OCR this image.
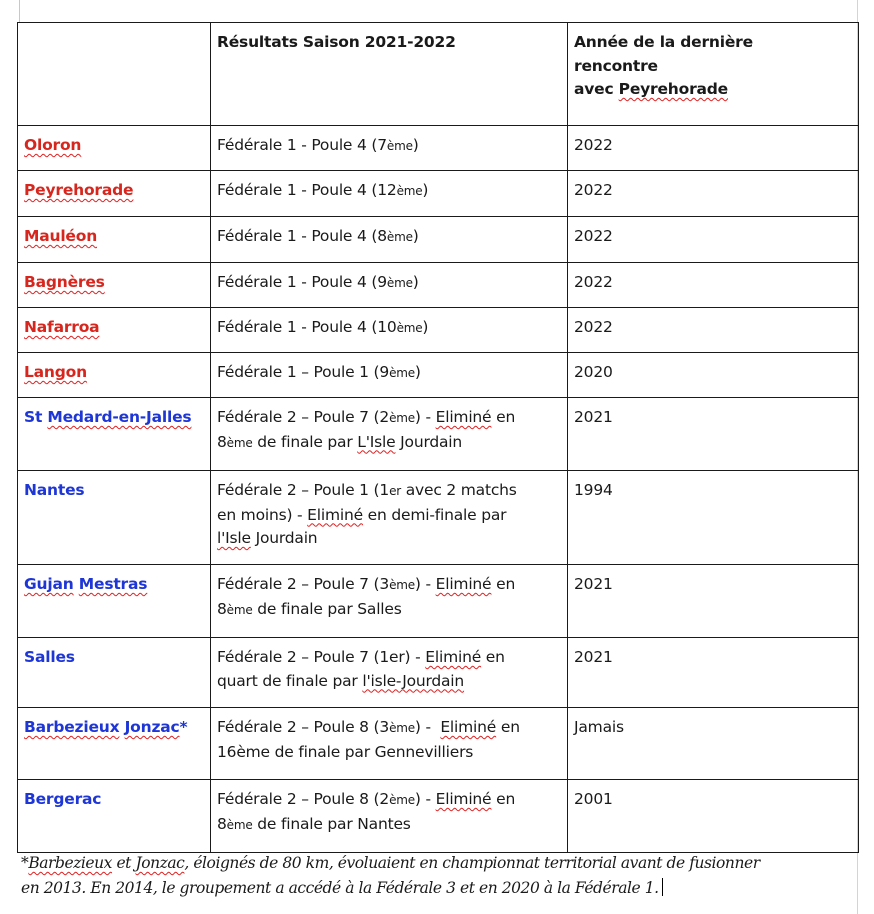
	Résultats Saison 2021-2022	Année de la dernière
rencontre
avec Peyrehorade
Oloron	Fédérale 1 - Poule 4 (7ème)	2022
Peyrehorade	Fédérale 1 - Poule 4 (12ème)	2022
Mauléon	Fédérale 1 - Poule 4 (8ème)	2022
Bagnères	Fédérale 1 - Poule 4 (9ème)	2022
Nafarroa	Fédérale 1 - Poule 4 (10ème)	2022
Langon	Fédérale 1 – Poule 1 (9ème)	2020
St Medard-en-Jalles	Fédérale 2 – Poule 7 (2ème) - Eliminé en
8ème de finale par L'Isle Jourdain	2021
Nantes	Fédérale 2 – Poule 1 (1er avec 2 matchs
en moins) - Eliminé en demi-finale par
l'Isle Jourdain	1994
Gujan Mestras	Fédérale 2 – Poule 7 (3ème) - Eliminé en
8ème de finale par Salles	2021
Salles	Fédérale 2 – Poule 7 (1er) - Eliminé en
quart de finale par l'isle-Jourdain	2021
Barbezieux Jonzac*	Fédérale 2 – Poule 8 (3ème) -  Eliminé en
16ème de finale par Gennevilliers	Jamais
Bergerac	Fédérale 2 – Poule 8 (2ème) - Eliminé en
8ème de finale par Nantes	2001
*Barbezieux et Jonzac, éloignés de 80 km, évoluaient en championnat territorial avant de fusionner
en 2013. En 2014, le groupement a accédé à la Fédérale 3 et en 2020 à la Fédérale 1.
